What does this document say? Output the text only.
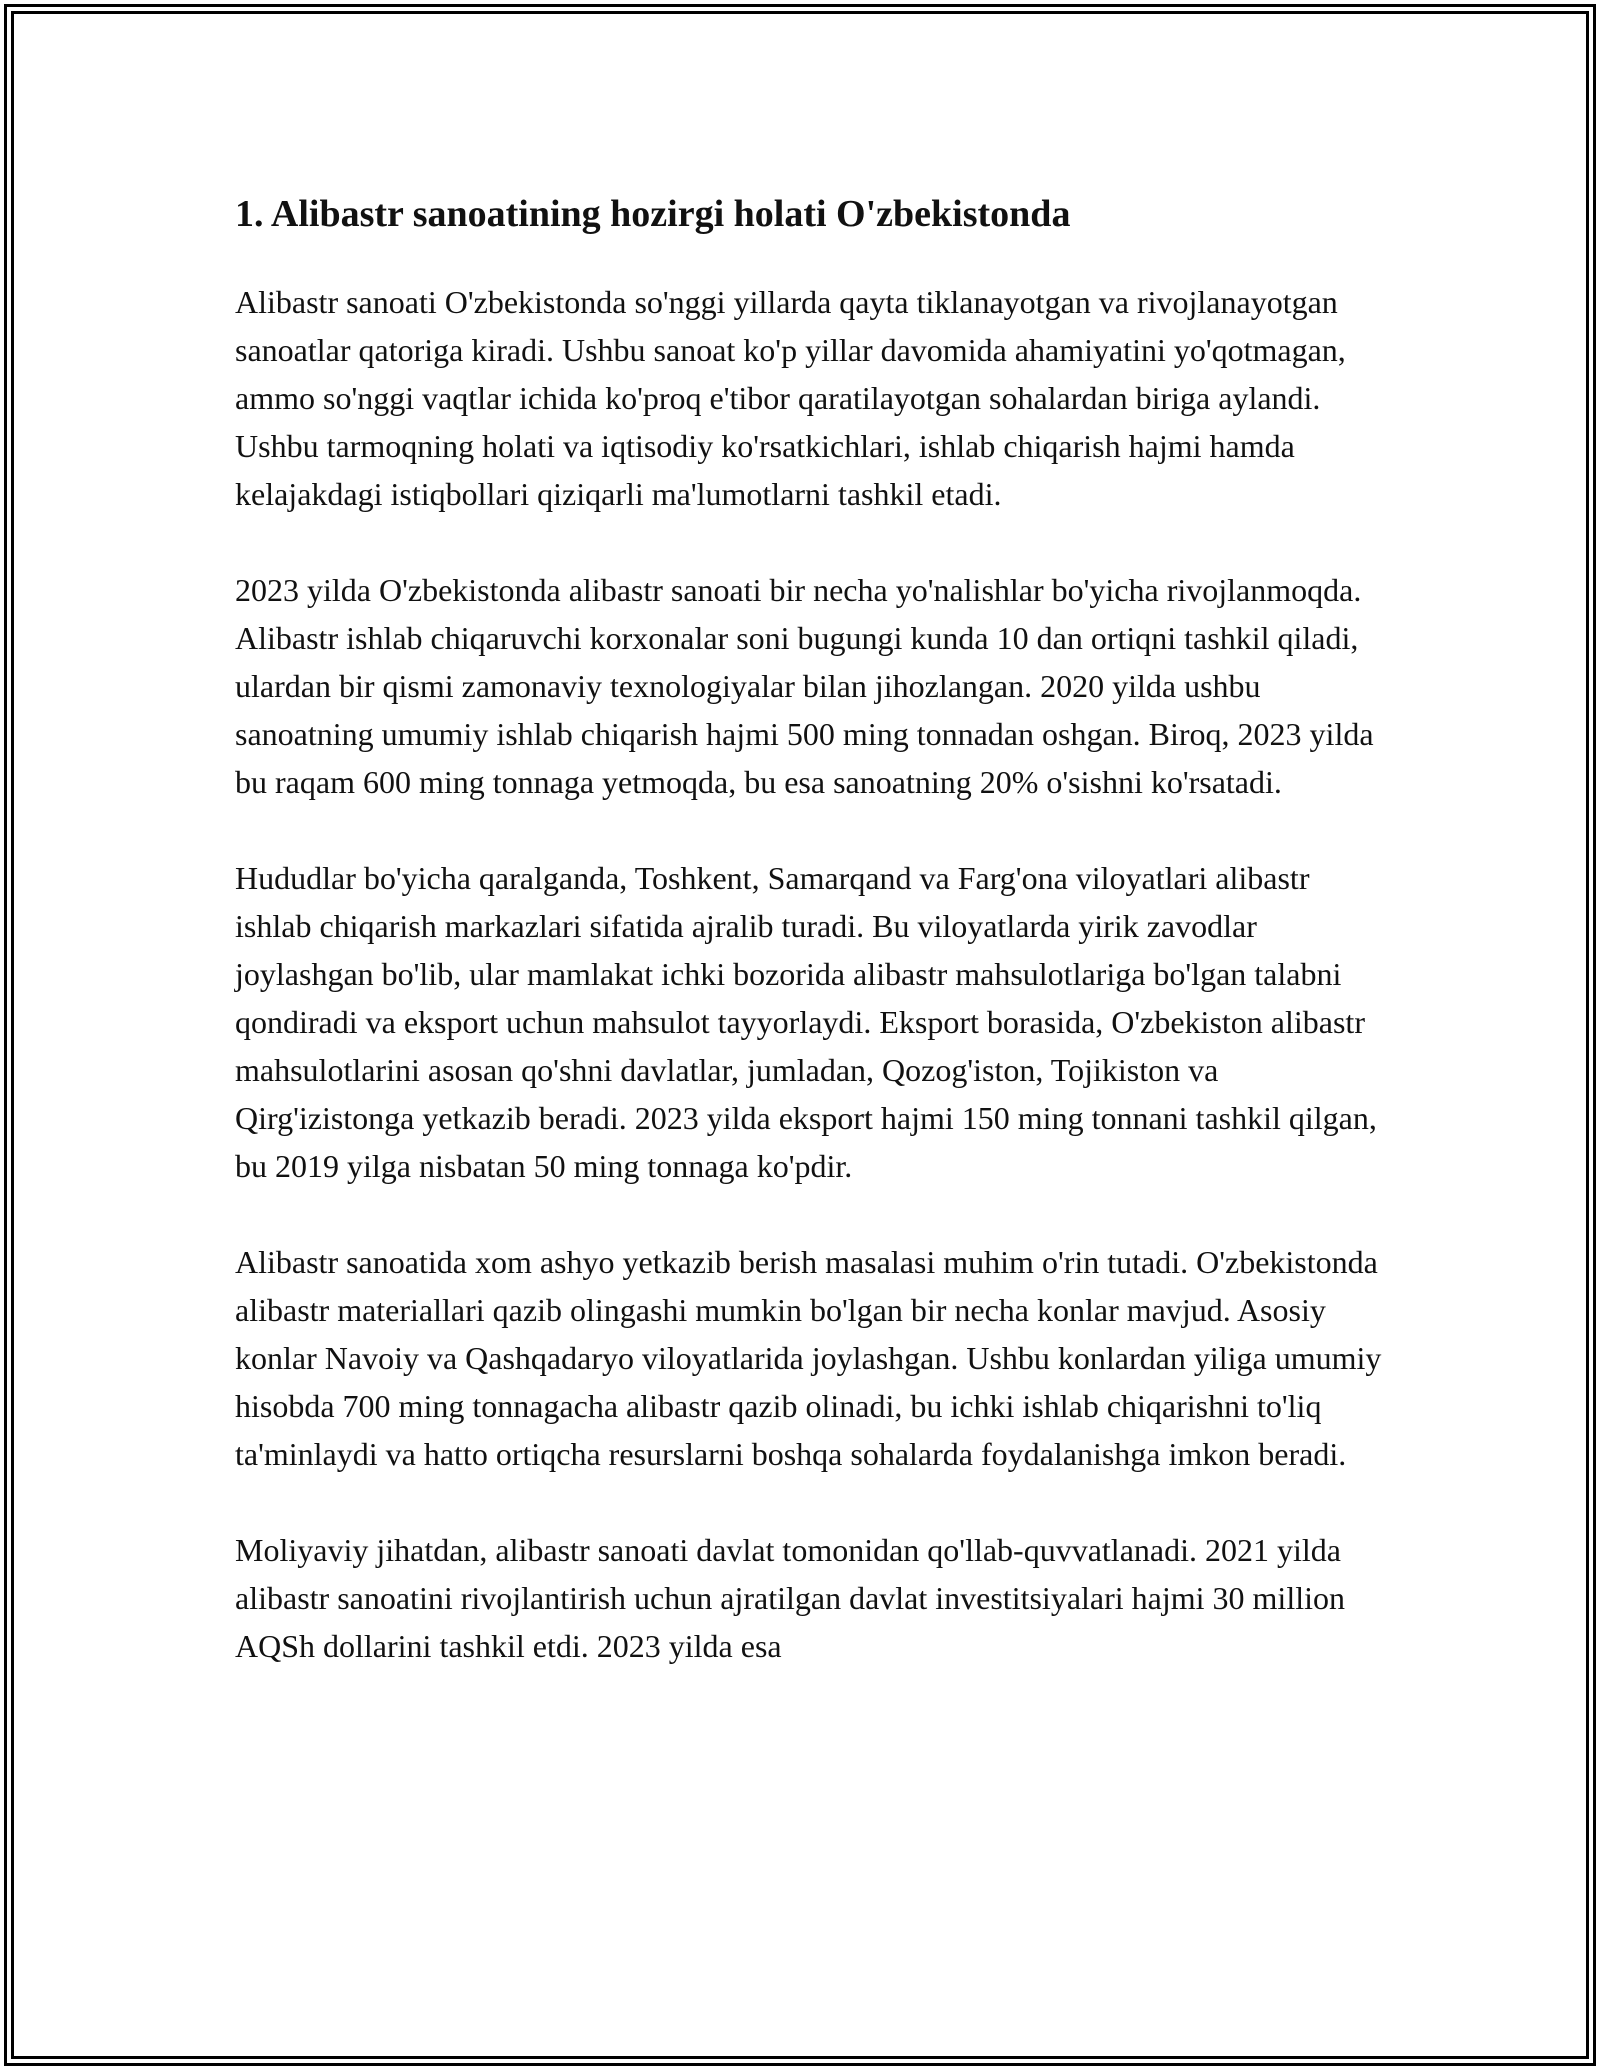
1. Alibastr sanoatining hozirgi holati O'zbekistonda

Alibastr sanoati O'zbekistonda so'nggi yillarda qayta tiklanayotgan va rivojlanayotgan sanoatlar qatoriga kiradi. Ushbu sanoat ko'p yillar davomida ahamiyatini yo'qotmagan, ammo so'nggi vaqtlar ichida ko'proq e'tibor qaratilayotgan sohalardan biriga aylandi. Ushbu tarmoqning holati va iqtisodiy ko'rsatkichlari, ishlab chiqarish hajmi hamda kelajakdagi istiqbollari qiziqarli ma'lumotlarni tashkil etadi.

2023 yilda O'zbekistonda alibastr sanoati bir necha yo'nalishlar bo'yicha rivojlanmoqda. Alibastr ishlab chiqaruvchi korxonalar soni bugungi kunda 10 dan ortiqni tashkil qiladi, ulardan bir qismi zamonaviy texnologiyalar bilan jihozlangan. 2020 yilda ushbu sanoatning umumiy ishlab chiqarish hajmi 500 ming tonnadan oshgan. Biroq, 2023 yilda bu raqam 600 ming tonnaga yetmoqda, bu esa sanoatning 20% o'sishni ko'rsatadi.

Hududlar bo'yicha qaralganda, Toshkent, Samarqand va Farg'ona viloyatlari alibastr ishlab chiqarish markazlari sifatida ajralib turadi. Bu viloyatlarda yirik zavodlar joylashgan bo'lib, ular mamlakat ichki bozorida alibastr mahsulotlariga bo'lgan talabni qondiradi va eksport uchun mahsulot tayyorlaydi. Eksport borasida, O'zbekiston alibastr mahsulotlarini asosan qo'shni davlatlar, jumladan, Qozog'iston, Tojikiston va Qirg'izistonga yetkazib beradi. 2023 yilda eksport hajmi 150 ming tonnani tashkil qilgan, bu 2019 yilga nisbatan 50 ming tonnaga ko'pdir.

Alibastr sanoatida xom ashyo yetkazib berish masalasi muhim o'rin tutadi. O'zbekistonda alibastr materiallari qazib olingashi mumkin bo'lgan bir necha konlar mavjud. Asosiy konlar Navoiy va Qashqadaryo viloyatlarida joylashgan. Ushbu konlardan yiliga umumiy hisobda 700 ming tonnagacha alibastr qazib olinadi, bu ichki ishlab chiqarishni to'liq ta'minlaydi va hatto ortiqcha resurslarni boshqa sohalarda foydalanishga imkon beradi.

Moliyaviy jihatdan, alibastr sanoati davlat tomonidan qo'llab-quvvatlanadi. 2021 yilda alibastr sanoatini rivojlantirish uchun ajratilgan davlat investitsiyalari hajmi 30 million AQSh dollarini tashkil etdi. 2023 yilda esa
